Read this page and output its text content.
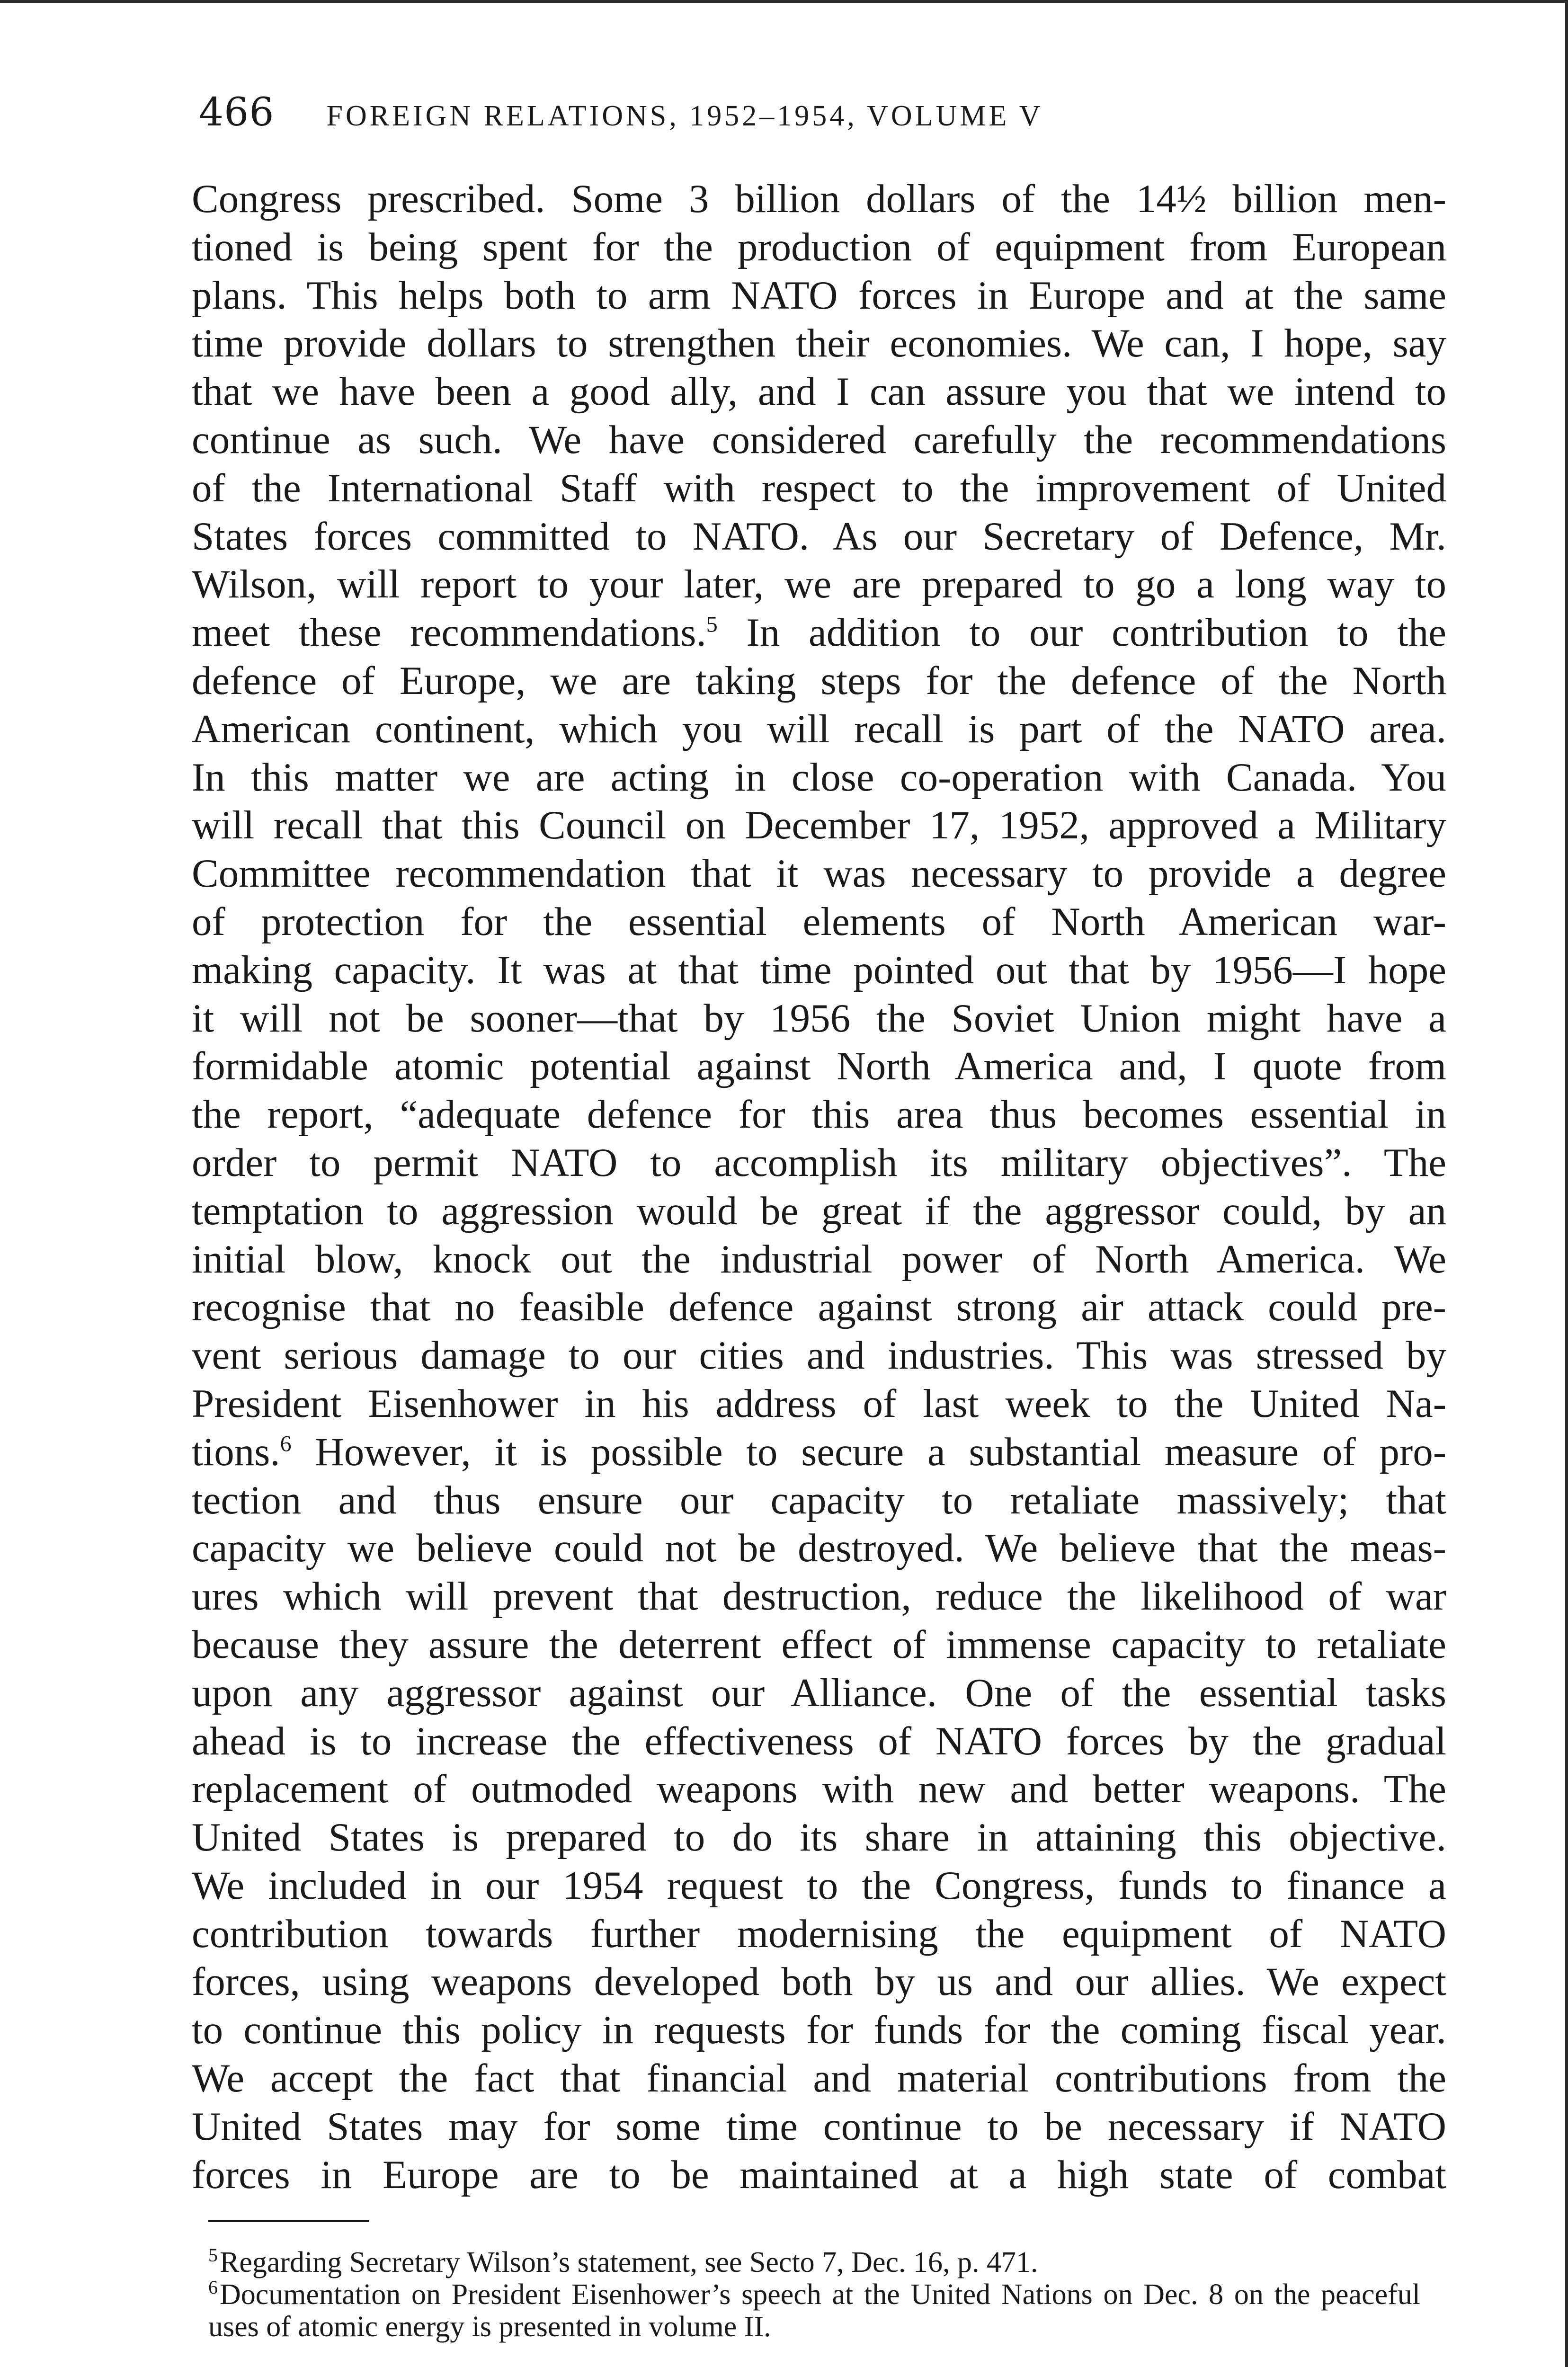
466 FOREIGN RELATIONS, 1952–1954, VOLUME V
Congress prescribed. Some 3 billion dollars of the 14½ billion men-
tioned is being spent for the production of equipment from European
plans. This helps both to arm NATO forces in Europe and at the same
time provide dollars to strengthen their economies. We can, I hope, say
that we have been a good ally, and I can assure you that we intend to
continue as such. We have considered carefully the recommendations
of the International Staff with respect to the improvement of United
States forces committed to NATO. As our Secretary of Defence, Mr.
Wilson, will report to your later, we are prepared to go a long way to
meet these recommendations.$^5$ In addition to our contribution to the
defence of Europe, we are taking steps for the defence of the North
American continent, which you will recall is part of the NATO area.
In this matter we are acting in close co-operation with Canada. You
will recall that this Council on December 17, 1952, approved a Military
Committee recommendation that it was necessary to provide a degree
of protection for the essential elements of North American war-
making capacity. It was at that time pointed out that by 1956—I hope
it will not be sooner—that by 1956 the Soviet Union might have a
formidable atomic potential against North America and, I quote from
the report, “adequate defence for this area thus becomes essential in
order to permit NATO to accomplish its military objectives”. The
temptation to aggression would be great if the aggressor could, by an
initial blow, knock out the industrial power of North America. We
recognise that no feasible defence against strong air attack could pre-
vent serious damage to our cities and industries. This was stressed by
President Eisenhower in his address of last week to the United Na-
tions.$^6$ However, it is possible to secure a substantial measure of pro-
tection and thus ensure our capacity to retaliate massively; that
capacity we believe could not be destroyed. We believe that the meas-
ures which will prevent that destruction, reduce the likelihood of war
because they assure the deterrent effect of immense capacity to retaliate
upon any aggressor against our Alliance. One of the essential tasks
ahead is to increase the effectiveness of NATO forces by the gradual
replacement of outmoded weapons with new and better weapons. The
United States is prepared to do its share in attaining this objective.
We included in our 1954 request to the Congress, funds to finance a
contribution towards further modernising the equipment of NATO
forces, using weapons developed both by us and our allies. We expect
to continue this policy in requests for funds for the coming fiscal year.
We accept the fact that financial and material contributions from the
United States may for some time continue to be necessary if NATO
forces in Europe are to be maintained at a high state of combat
$^5$Regarding Secretary Wilson’s statement, see Secto 7, Dec. 16, p. 471.
$^6$Documentation on President Eisenhower’s speech at the United Nations on Dec. 8 on the peaceful uses of atomic energy is presented in volume II.
